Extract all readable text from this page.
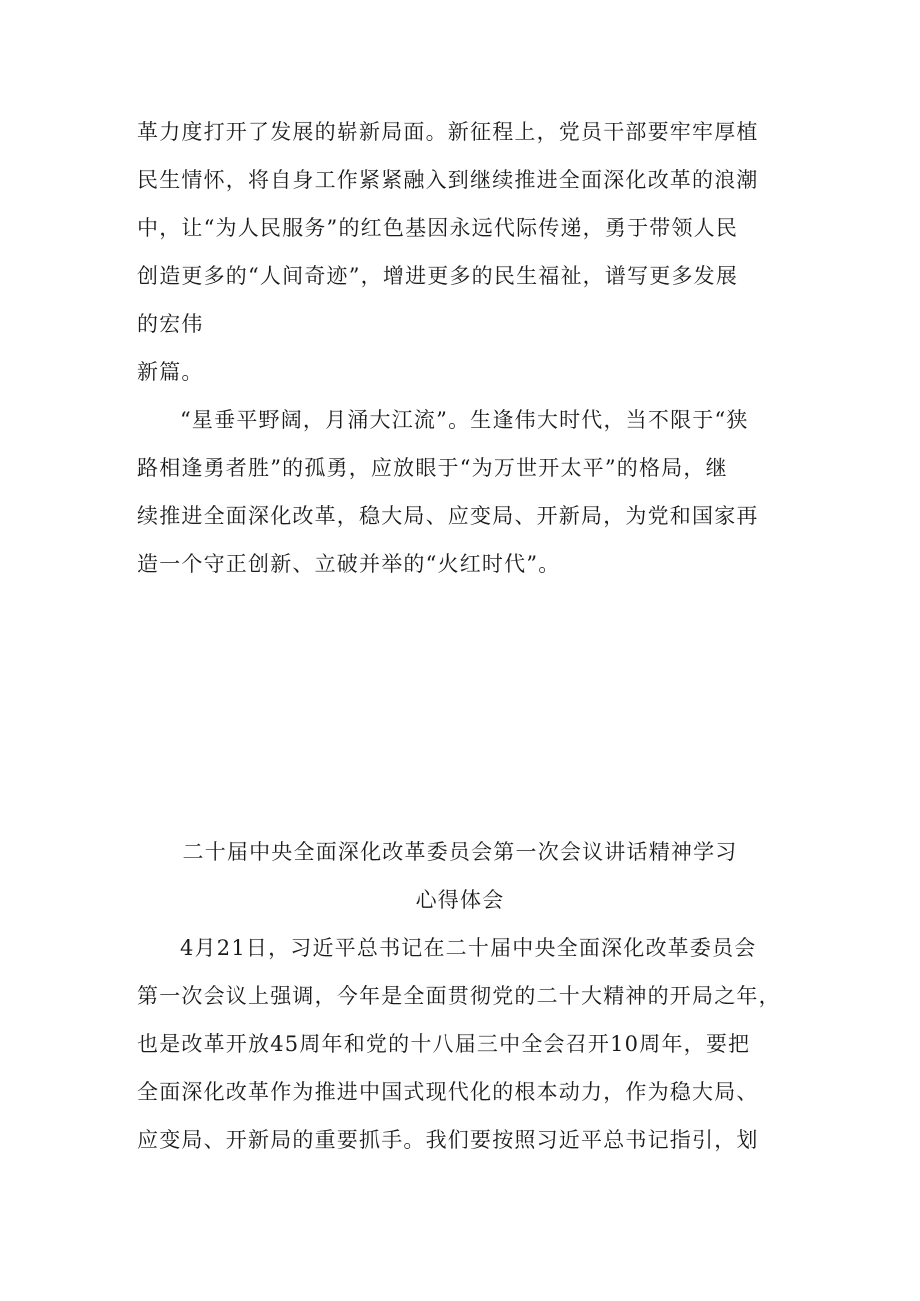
革力度打开了发展的崭新局面。新征程上，党员干部要牢牢厚植
民生情怀，将自身工作紧紧融入到继续推进全面深化改革的浪潮
中，让“为人民服务”的红色基因永远代际传递，勇于带领人民
创造更多的“人间奇迹”，增进更多的民生福祉，谱写更多发展
的宏伟
新篇。
“星垂平野阔，月涌大江流”。生逢伟大时代，当不限于“狭
路相逢勇者胜”的孤勇，应放眼于“为万世开太平”的格局，继
续推进全面深化改革，稳大局、应变局、开新局，为党和国家再
造一个守正创新、立破并举的“火红时代”。
二十届中央全面深化改革委员会第一次会议讲话精神学习
心得体会
4月21日，习近平总书记在二十届中央全面深化改革委员会
第一次会议上强调，今年是全面贯彻党的二十大精神的开局之年，
也是改革开放45周年和党的十八届三中全会召开10周年，要把
全面深化改革作为推进中国式现代化的根本动力，作为稳大局、
应变局、开新局的重要抓手。我们要按照习近平总书记指引，划
